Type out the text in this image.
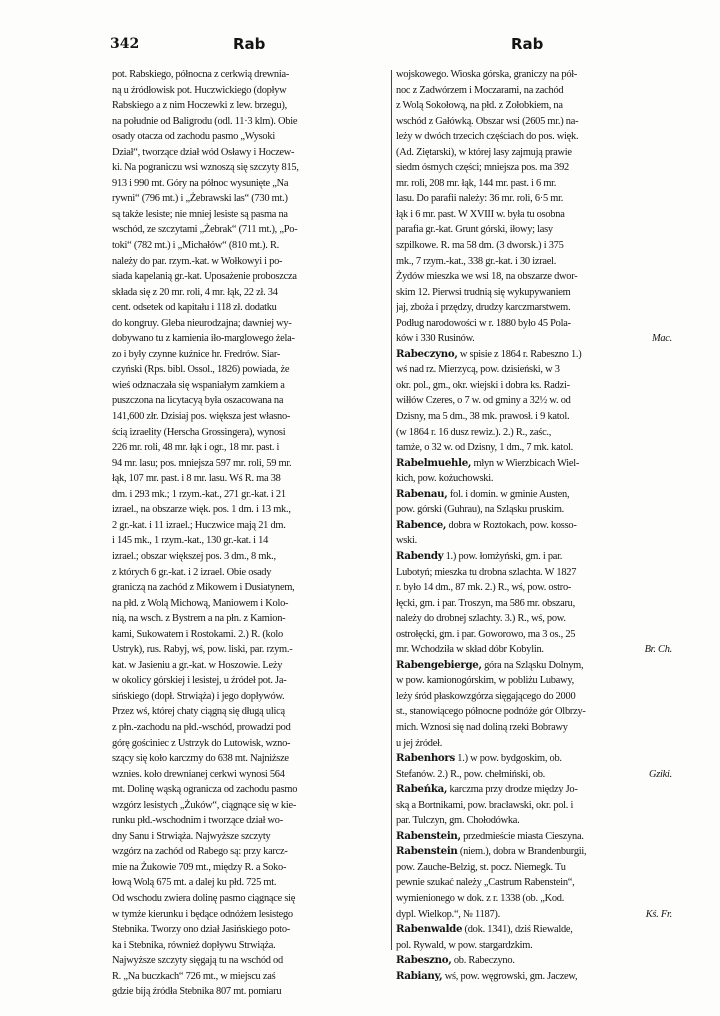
342	Rab	Rab
pot. Rabskiego, północna z cerkwią drewnia-
ną u źródłowisk pot. Huczwickiego (dopływ
Rabskiego a z nim Hoczewki z lew. brzegu),
na południe od Baligrodu (odl. 11·3 klm). Obie
osady otacza od zachodu pasmo „Wysoki
Dział“, tworzące dział wód Osławy i Hoczew-
ki. Na pograniczu wsi wznoszą się szczyty 815,
913 i 990 mt. Góry na północ wysunięte „Na
rywni“ (796 mt.) i „Żebrawski las“ (730 mt.)
są także lesiste; nie mniej lesiste są pasma na
wschód, ze szczytami „Żebrak“ (711 mt.), „Po-
toki“ (782 mt.) i „Michałów“ (810 mt.). R.
należy do par. rzym.-kat. w Wołkowyi i po-
siada kapelanią gr.-kat. Uposażenie proboszcza
składa się z 20 mr. roli, 4 mr. łąk, 22 zł. 34
cent. odsetek od kapitału i 118 zł. dodatku
do kongruy. Gleba nieurodzajna; dawniej wy-
dobywano tu z kamienia iło-marglowego żela-
zo i były czynne kuźnice hr. Fredrów. Siar-
czyński (Rps. bibl. Ossol., 1826) powiada, że
wieś odznaczała się wspaniałym zamkiem a
puszczona na licytacyą była oszacowana na
141,600 złr. Dzisiaj pos. większa jest własno-
ścią izraelity (Herscha Grossingera), wynosi
226 mr. roli, 48 mr. łąk i ogr., 18 mr. past. i
94 mr. lasu; pos. mniejsza 597 mr. roli, 59 mr.
łąk, 107 mr. past. i 8 mr. lasu. Wś R. ma 38
dm. i 293 mk.; 1 rzym.-kat., 271 gr.-kat. i 21
izrael., na obszarze więk. pos. 1 dm. i 13 mk.,
2 gr.-kat. i 11 izrael.; Huczwice mają 21 dm.
i 145 mk., 1 rzym.-kat., 130 gr.-kat. i 14
izrael.; obszar większej pos. 3 dm., 8 mk.,
z których 6 gr.-kat. i 2 izrael. Obie osady
graniczą na zachód z Mikowem i Dusiatynem,
na płd. z Wolą Michową, Maniowem i Kolo-
nią, na wsch. z Bystrem a na płn. z Kamion-
kami, Sukowatem i Rostokami. 2.) R. (kolo
Ustryk), rus. Rabyj, wś, pow. liski, par. rzym.-
kat. w Jasieniu a gr.-kat. w Hoszowie. Leży
w okolicy górskiej i lesistej, u źródeł pot. Ja-
sińskiego (dopł. Strwiąża) i jego dopływów.
Przez wś, której chaty ciągną się długą ulicą
z płn.-zachodu na płd.-wschód, prowadzi pod
górę gościniec z Ustrzyk do Lutowisk, wzno-
szący się koło karczmy do 638 mt. Najniższe
wznies. koło drewnianej cerkwi wynosi 564
mt. Dolinę wąską ogranicza od zachodu pasmo
wzgórz lesistych „Żuków“, ciągnące się w kie-
runku płd.-wschodnim i tworzące dział wo-
dny Sanu i Strwiąża. Najwyższe szczyty
wzgórz na zachód od Rabego są: przy karcz-
mie na Żukowie 709 mt., między R. a Soko-
łową Wolą 675 mt. a dalej ku płd. 725 mt.
Od wschodu zwiera dolinę pasmo ciągnące się
w tymże kierunku i będące odnóżem lesistego
Stebnika. Tworzy ono dział Jasińskiego poto-
ka i Stebnika, również dopływu Strwiąża.
Najwyższe szczyty sięgają tu na wschód od
R. „Na buczkach“ 726 mt., w miejscu zaś
gdzie biją źródła Stebnika 807 mt. pomiaru
wojskowego. Wioska górska, graniczy na pół-
noc z Zadwórzem i Moczarami, na zachód
z Wolą Sokołową, na płd. z Zołobkiem, na
wschód z Gałówką. Obszar wsi (2605 mr.) na-
leży w dwóch trzecich częściach do pos. więk.
(Ad. Ziętarski), w której lasy zajmują prawie
siedm ósmych części; mniejsza pos. ma 392
mr. roli, 208 mr. łąk, 144 mr. past. i 6 mr.
lasu. Do parafii należy: 36 mr. roli, 6·5 mr.
łąk i 6 mr. past. W XVIII w. była tu osobna
parafia gr.-kat. Grunt górski, iłowy; lasy
szpilkowe. R. ma 58 dm. (3 dworsk.) i 375
mk., 7 rzym.-kat., 338 gr.-kat. i 30 izrael.
Żydów mieszka we wsi 18, na obszarze dwor-
skim 12. Pierwsi trudnią się wykupywaniem
jaj, zboża i przędzy, drudzy karczmarstwem.
Podług narodowości w r. 1880 było 45 Pola-
ków i 330 Rusinów.	Mac.
Rabeczyno, w spisie z 1864 r. Rabeszno 1.)
wś nad rz. Mierzycą, pow. dzisieński, w 3
okr. pol., gm., okr. wiejski i dobra ks. Radzi-
wiłłów Czeres, o 7 w. od gminy a 32½ w. od
Dzisny, ma 5 dm., 38 mk. prawosł. i 9 katol.
(w 1864 r. 16 dusz rewiz.). 2.) R., zaśc.,
tamże, o 32 w. od Dzisny, 1 dm., 7 mk. katol.
Rabelmuehle, młyn w Wierzbicach Wiel-
kich, pow. kożuchowski.
Rabenau, fol. i domin. w gminie Austen,
pow. górski (Guhrau), na Szląsku pruskim.
Rabence, dobra w Roztokach, pow. kosso-
wski.
Rabendy 1.) pow. łomżyński, gm. i par.
Lubotyń; mieszka tu drobna szlachta. W 1827
r. było 14 dm., 87 mk. 2.) R., wś, pow. ostro-
łęcki, gm. i par. Troszyn, ma 586 mr. obszaru,
należy do drobnej szlachty. 3.) R., wś, pow.
ostrołęcki, gm. i par. Goworowo, ma 3 os., 25
mr. Wchodziła w skład dóbr Kobylin.	Br. Ch.
Rabengebierge, góra na Szląsku Dolnym,
w pow. kamionogórskim, w pobliżu Lubawy,
leży śród płaskowzgórza sięgającego do 2000
st., stanowiącego północne podnóże gór Olbrzy-
mich. Wznosi się nad doliną rzeki Bobrawy
u jej źródeł.
Rabenhors 1.) w pow. bydgoskim, ob.
Stefanów. 2.) R., pow. chełmiński, ob.	Gziki.
Rabeńka, karczma przy drodze między Jo-
ską a Bortnikami, pow. bracławski, okr. pol. i
par. Tulczyn, gm. Chołodówka.
Rabenstein, przedmieście miasta Cieszyna.
Rabenstein (niem.), dobra w Brandenburgii,
pow. Zauche-Belzig, st. pocz. Niemegk. Tu
pewnie szukać należy „Castrum Rabenstein“,
wymienionego w dok. z r. 1338 (ob. „Kod.
dypl. Wielkop.“, № 1187).	Kś. Fr.
Rabenwalde (dok. 1341), dziś Riewalde,
pol. Rywald, w pow. stargardzkim.
Rabeszno, ob. Rabeczyno.
Rabiany, wś, pow. węgrowski, gm. Jaczew,
